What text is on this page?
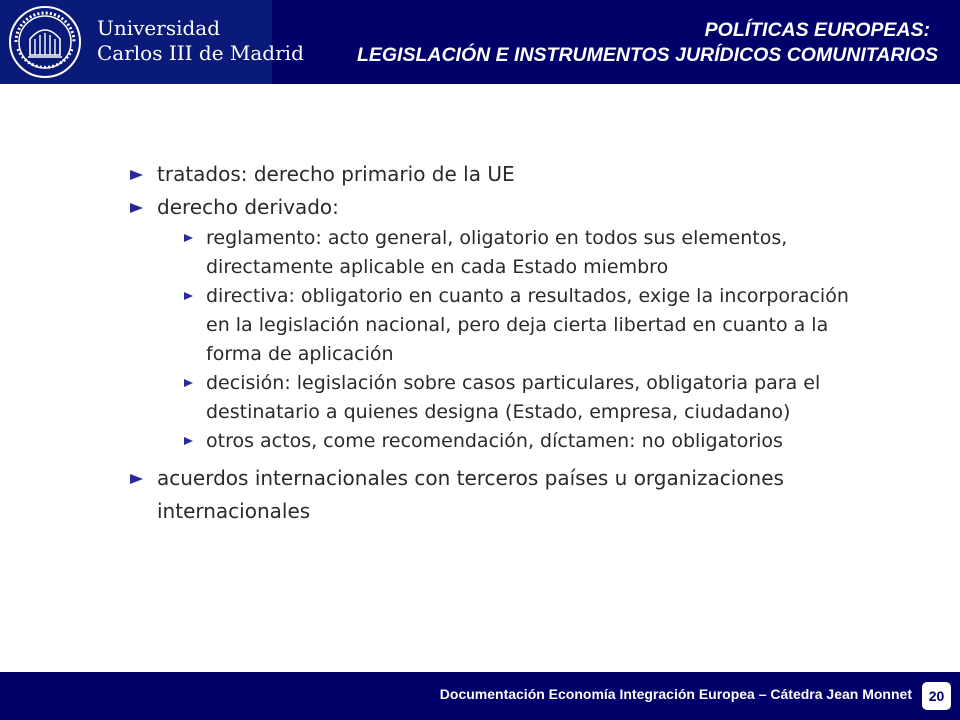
Universidad
Carlos III de Madrid
POLÍTICAS EUROPEAS:
LEGISLACIÓN E INSTRUMENTOS JURÍDICOS COMUNITARIOS
tratados: derecho primario de la UE
derecho derivado:
reglamento: acto general, oligatorio en todos sus elementos, directamente aplicable en cada Estado miembro
directiva: obligatorio en cuanto a resultados, exige la incorporación en la legislación nacional, pero deja cierta libertad en cuanto a la forma de aplicación
decisión: legislación sobre casos particulares, obligatoria para el destinatario a quienes designa (Estado, empresa, ciudadano)
otros actos, come recomendación, díctamen: no obligatorios
acuerdos internacionales con terceros países u organizaciones internacionales
Documentación Economía Integración Europea – Cátedra Jean Monnet	20
